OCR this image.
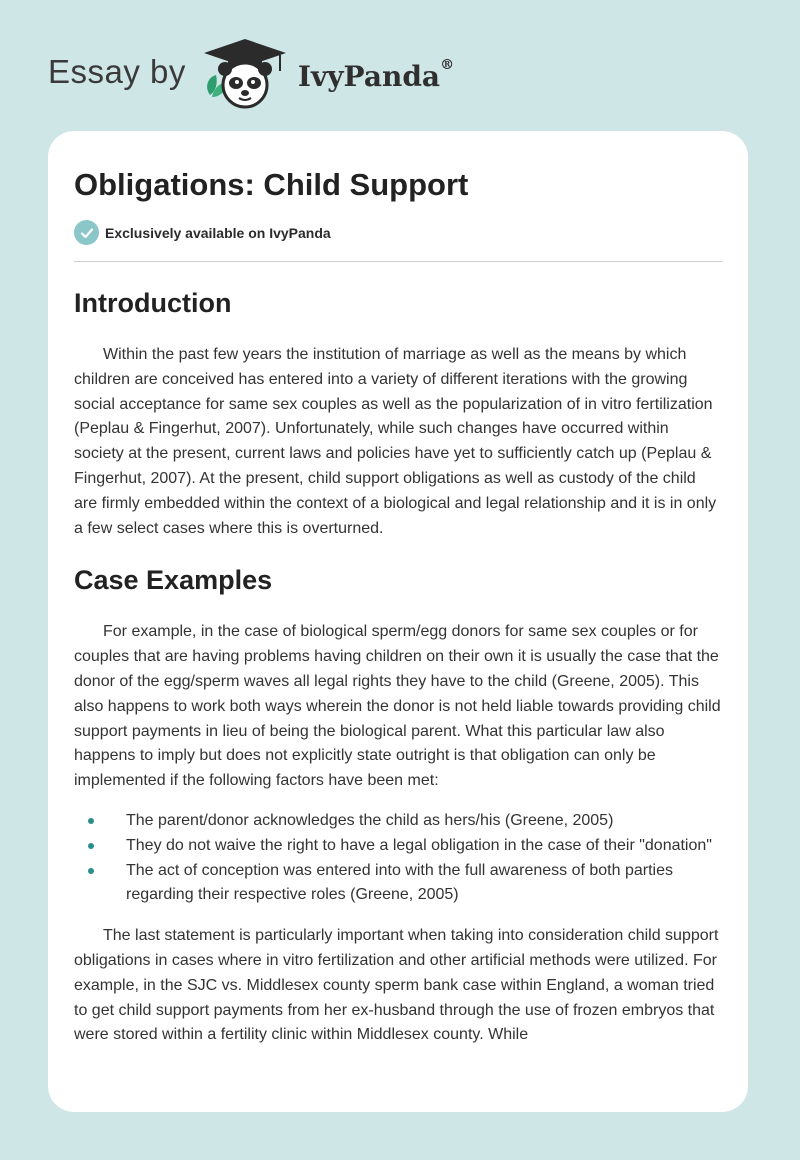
Essay by	IvyPanda®
Obligations: Child Support
Exclusively available on IvyPanda
Introduction

Within the past few years the institution of marriage as well as the means by which children are conceived has entered into a variety of different iterations with the growing social acceptance for same sex couples as well as the popularization of in vitro fertilization (Peplau & Fingerhut, 2007). Unfortunately, while such changes have occurred within society at the present, current laws and policies have yet to sufficiently catch up (Peplau & Fingerhut, 2007). At the present, child support obligations as well as custody of the child are firmly embedded within the context of a biological and legal relationship and it is in only a few select cases where this is overturned.

Case Examples

For example, in the case of biological sperm/egg donors for same sex couples or for couples that are having problems having children on their own it is usually the case that the donor of the egg/sperm waves all legal rights they have to the child (Greene, 2005). This also happens to work both ways wherein the donor is not held liable towards providing child support payments in lieu of being the biological parent. What this particular law also happens to imply but does not explicitly state outright is that obligation can only be implemented if the following factors have been met:

The parent/donor acknowledges the child as hers/his (Greene, 2005)
They do not waive the right to have a legal obligation in the case of their "donation"
The act of conception was entered into with the full awareness of both parties regarding their respective roles (Greene, 2005)

The last statement is particularly important when taking into consideration child support obligations in cases where in vitro fertilization and other artificial methods were utilized. For example, in the SJC vs. Middlesex county sperm bank case within England, a woman tried to get child support payments from her ex-husband through the use of frozen embryos that were stored within a fertility clinic within Middlesex county. While
